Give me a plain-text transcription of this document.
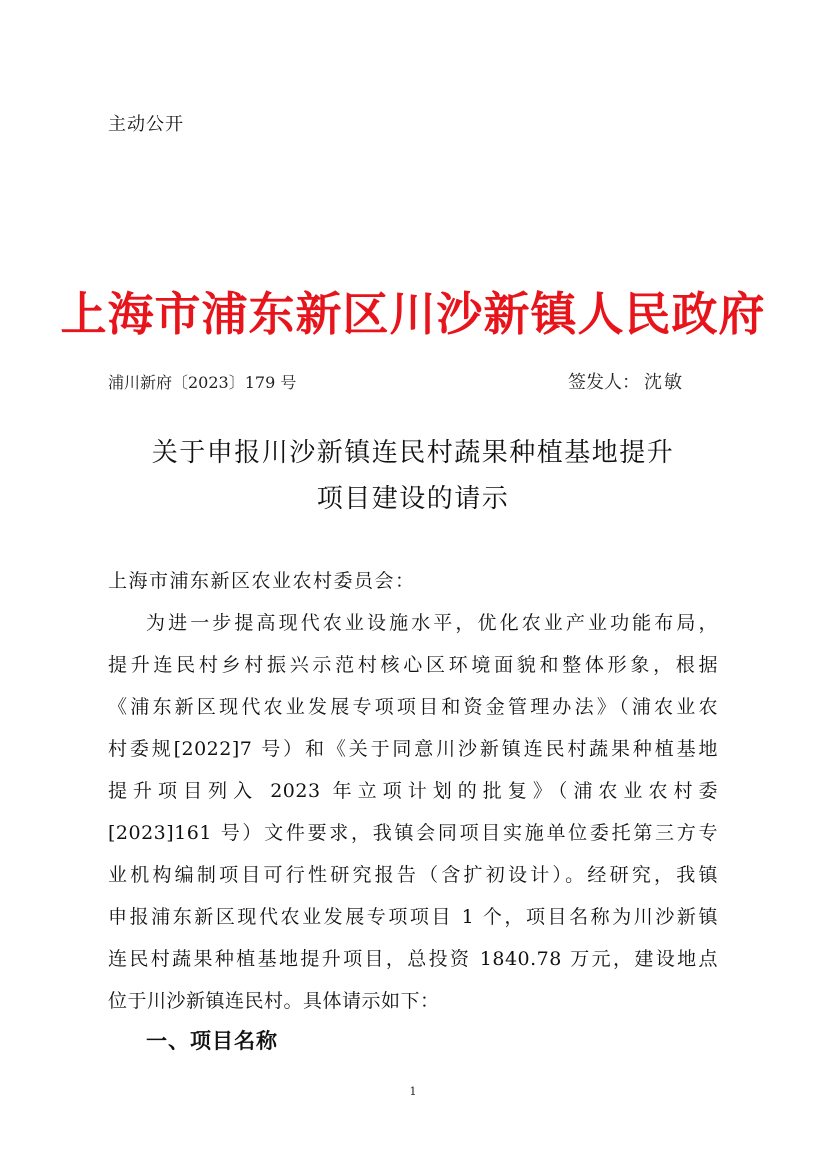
主动公开
上海市浦东新区川沙新镇人民政府
浦川新府〔2023〕179 号	签发人： 沈敏
关于申报川沙新镇连民村蔬果种植基地提升
项目建设的请示
上海市浦东新区农业农村委员会：
为进一步提高现代农业设施水平，优化农业产业功能布局，
提升连民村乡村振兴示范村核心区环境面貌和整体形象，根据
《浦东新区现代农业发展专项项目和资金管理办法》（浦农业农
村委规[2022]7 号）和《关于同意川沙新镇连民村蔬果种植基地
提升项目列入 2023 年立项计划的批复》（浦农业农村委
[2023]161 号）文件要求，我镇会同项目实施单位委托第三方专
业机构编制项目可行性研究报告（含扩初设计）。经研究，我镇
申报浦东新区现代农业发展专项项目 1 个，项目名称为川沙新镇
连民村蔬果种植基地提升项目，总投资 1840.78 万元，建设地点
位于川沙新镇连民村。具体请示如下：
一、项目名称
1
